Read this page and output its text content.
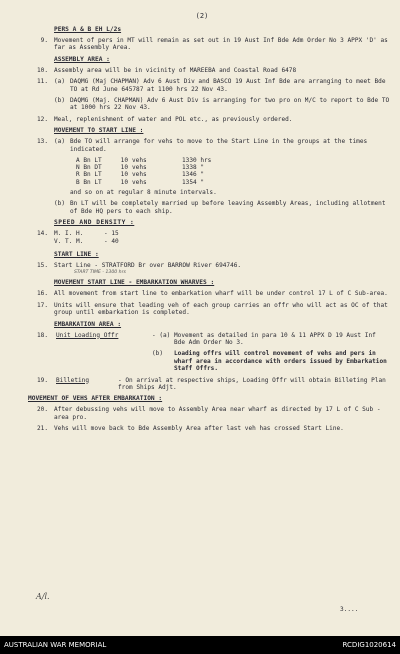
(2)
PERS A & B EH L/2s
9. Movement of pers in MT will remain as set out in 19 Aust Inf Bde Adm Order No 3 APPX 'D' as far as Assembly Area.
ASSEMBLY AREA :
10. Assembly area will be in vicinity of MAREEBA and Coastal Road 6478
11. (a) DAQMG (Maj CHAPMAN) Adv 6 Aust Div and BASCO 19 Aust Inf Bde are arranging to meet Bde TO at Rd June 645787 at 1100 hrs 22 Nov 43.
(b) DAQMG (Maj. CHAPMAN) Adv 6 Aust Div is arranging for two pro on M/C to report to Bde TO at 1000 hrs 22 Nov 43.
12. Meal, replenishment of water and POL etc., as previously ordered.
MOVEMENT TO START LINE :
13. (a) Bde TO will arrange for vehs to move to the Start Line in the groups at the times indicated.
A Bn LT	10 vehs	1330 hrs
N Bn DT	10 vehs	1338 "
R Bn LT	10 vehs	1346 "
B Bn LT	10 vehs	1354 "
and so on at regular 8 minute intervals.
(b) Bn LT will be completely married up before leaving Assembly Areas, including allotment of Bde HQ pers to each ship.
SPEED AND DENSITY :
14. M. I. H.	- 15
V. T. M.	- 40
START LINE :
15. Start Line - STRATFORD Br over BARROW River 694746.
START TIME - 1300 hrs
MOVEMENT START LINE - EMBARKATION WHARVES :
16. All movement from start line to embarkation wharf will be under control 17 L of C Sub-area.
17. Units will ensure that leading veh of each group carries an offr who will act as OC of that group until embarkation is completed.
EMBARKATION AREA :
18.	Unit Loading Offr	- (a) Movement as detailed in para 10 & 11 APPX D 19 Aust Inf Bde Adm Order No 3.
(b)	Loading offrs will control movement of vehs and pers in wharf area in accordance with orders issued by Embarkation Staff Offrs.
19.	Billeting	- On arrival at respective ships, Loading Offr will obtain Billeting Plan from Ships Adjt.
MOVEMENT OF VEHS AFTER EMBARKATION :
20. After debussing vehs will move to Assembly Area near wharf as directed by 17 L of C Sub - area pro.
21. Vehs will move back to Bde Assembly Area after last veh has crossed Start Line.
A/l.
3....
AUSTRALIAN WAR MEMORIAL	RCDIG1020614
